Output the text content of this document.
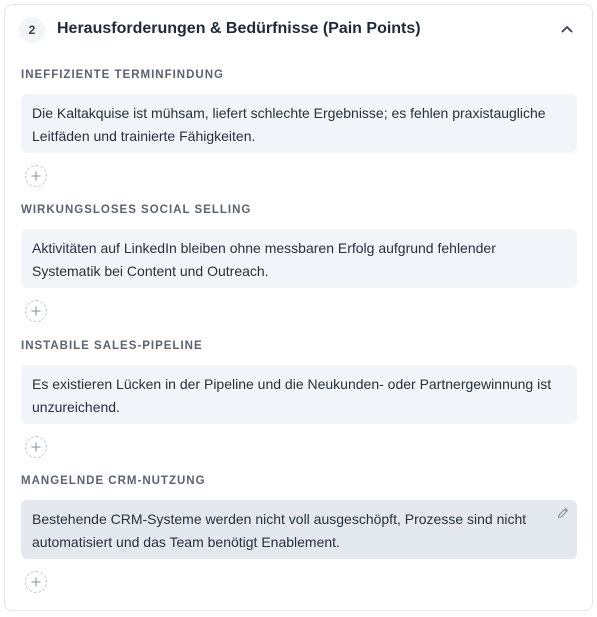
2	Herausforderungen & Bedürfnisse (Pain Points)
INEFFIZIENTE TERMINFINDUNG
Die Kaltakquise ist mühsam, liefert schlechte Ergebnisse; es fehlen praxistaugliche Leitfäden und trainierte Fähigkeiten.
WIRKUNGSLOSES SOCIAL SELLING
Aktivitäten auf LinkedIn bleiben ohne messbaren Erfolg aufgrund fehlender Systematik bei Content und Outreach.
INSTABILE SALES-PIPELINE
Es existieren Lücken in der Pipeline und die Neukunden- oder Partnergewinnung ist unzureichend.
MANGELNDE CRM-NUTZUNG
Bestehende CRM-Systeme werden nicht voll ausgeschöpft, Prozesse sind nicht automatisiert und das Team benötigt Enablement.
